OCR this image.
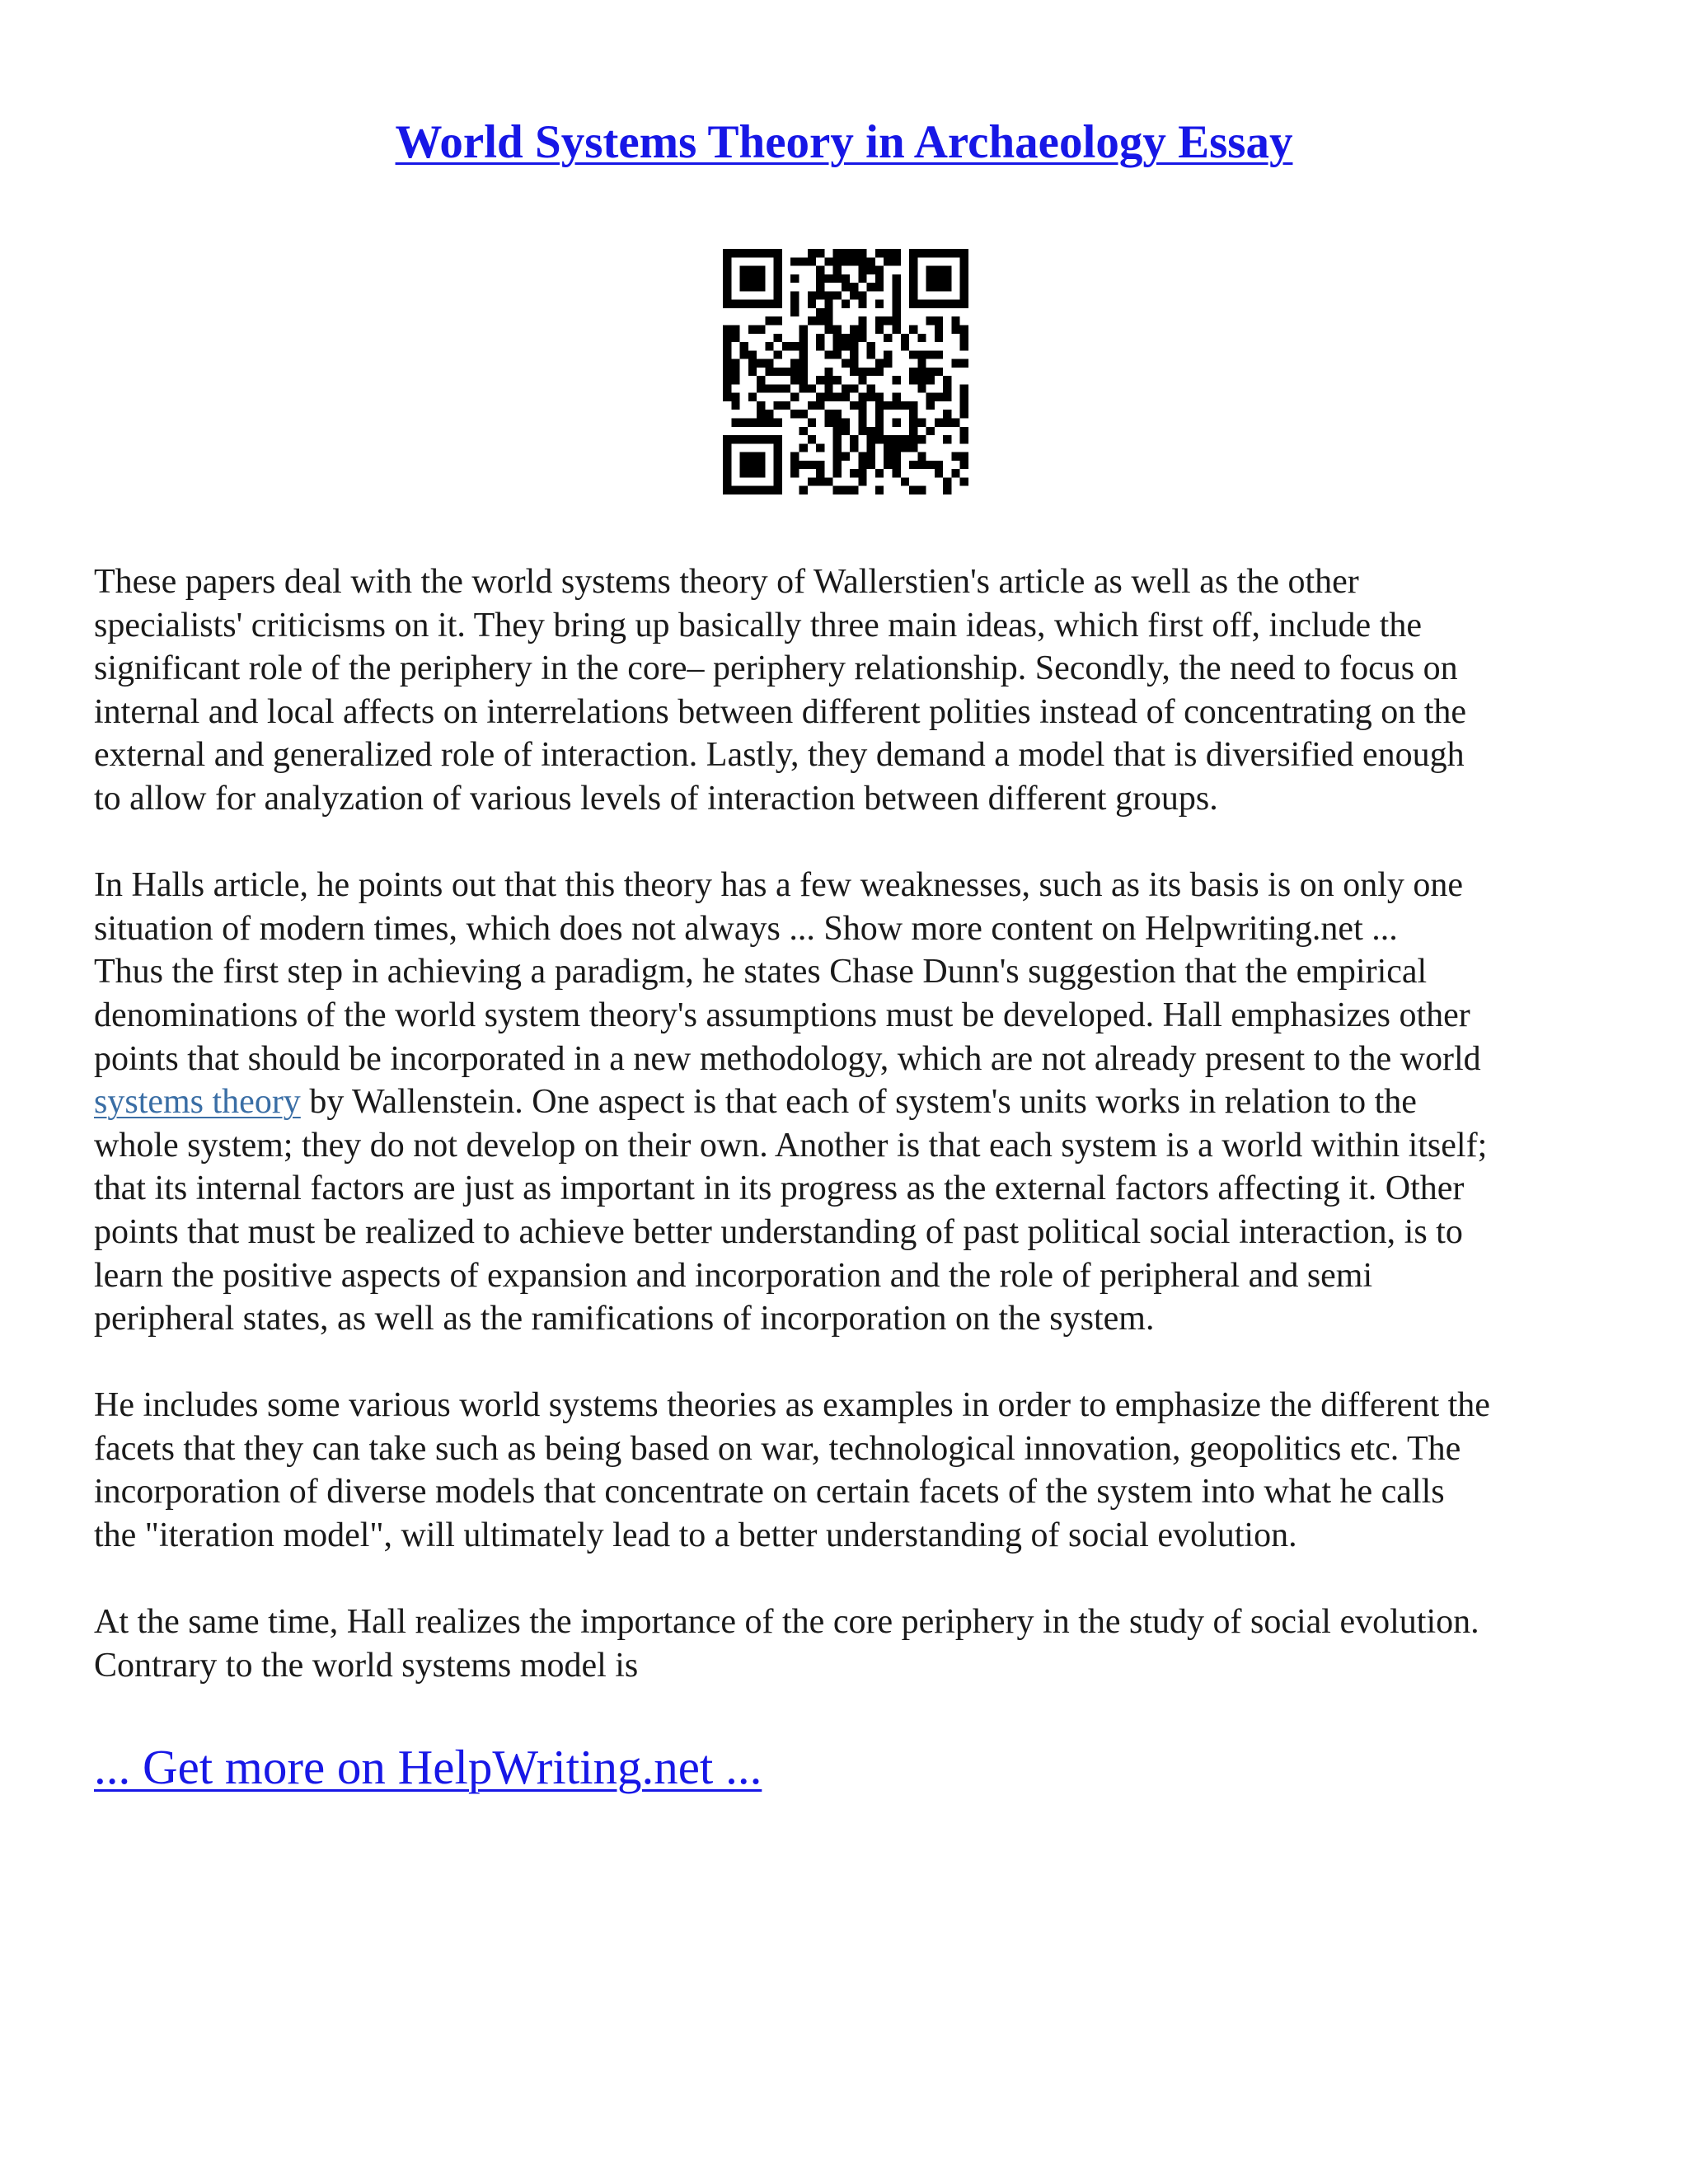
World Systems Theory in Archaeology Essay
These papers deal with the world systems theory of Wallerstien's article as well as the other
specialists' criticisms on it. They bring up basically three main ideas, which first off, include the
significant role of the periphery in the core– periphery relationship. Secondly, the need to focus on
internal and local affects on interrelations between different polities instead of concentrating on the
external and generalized role of interaction. Lastly, they demand a model that is diversified enough
to allow for analyzation of various levels of interaction between different groups.
In Halls article, he points out that this theory has a few weaknesses, such as its basis is on only one
situation of modern times, which does not always ... Show more content on Helpwriting.net ...
Thus the first step in achieving a paradigm, he states Chase Dunn's suggestion that the empirical
denominations of the world system theory's assumptions must be developed. Hall emphasizes other
points that should be incorporated in a new methodology, which are not already present to the world
systems theory by Wallenstein. One aspect is that each of system's units works in relation to the
whole system; they do not develop on their own. Another is that each system is a world within itself;
that its internal factors are just as important in its progress as the external factors affecting it. Other
points that must be realized to achieve better understanding of past political social interaction, is to
learn the positive aspects of expansion and incorporation and the role of peripheral and semi
peripheral states, as well as the ramifications of incorporation on the system.
He includes some various world systems theories as examples in order to emphasize the different the
facets that they can take such as being based on war, technological innovation, geopolitics etc. The
incorporation of diverse models that concentrate on certain facets of the system into what he calls
the "iteration model", will ultimately lead to a better understanding of social evolution.
At the same time, Hall realizes the importance of the core periphery in the study of social evolution.
Contrary to the world systems model is
... Get more on HelpWriting.net ...
